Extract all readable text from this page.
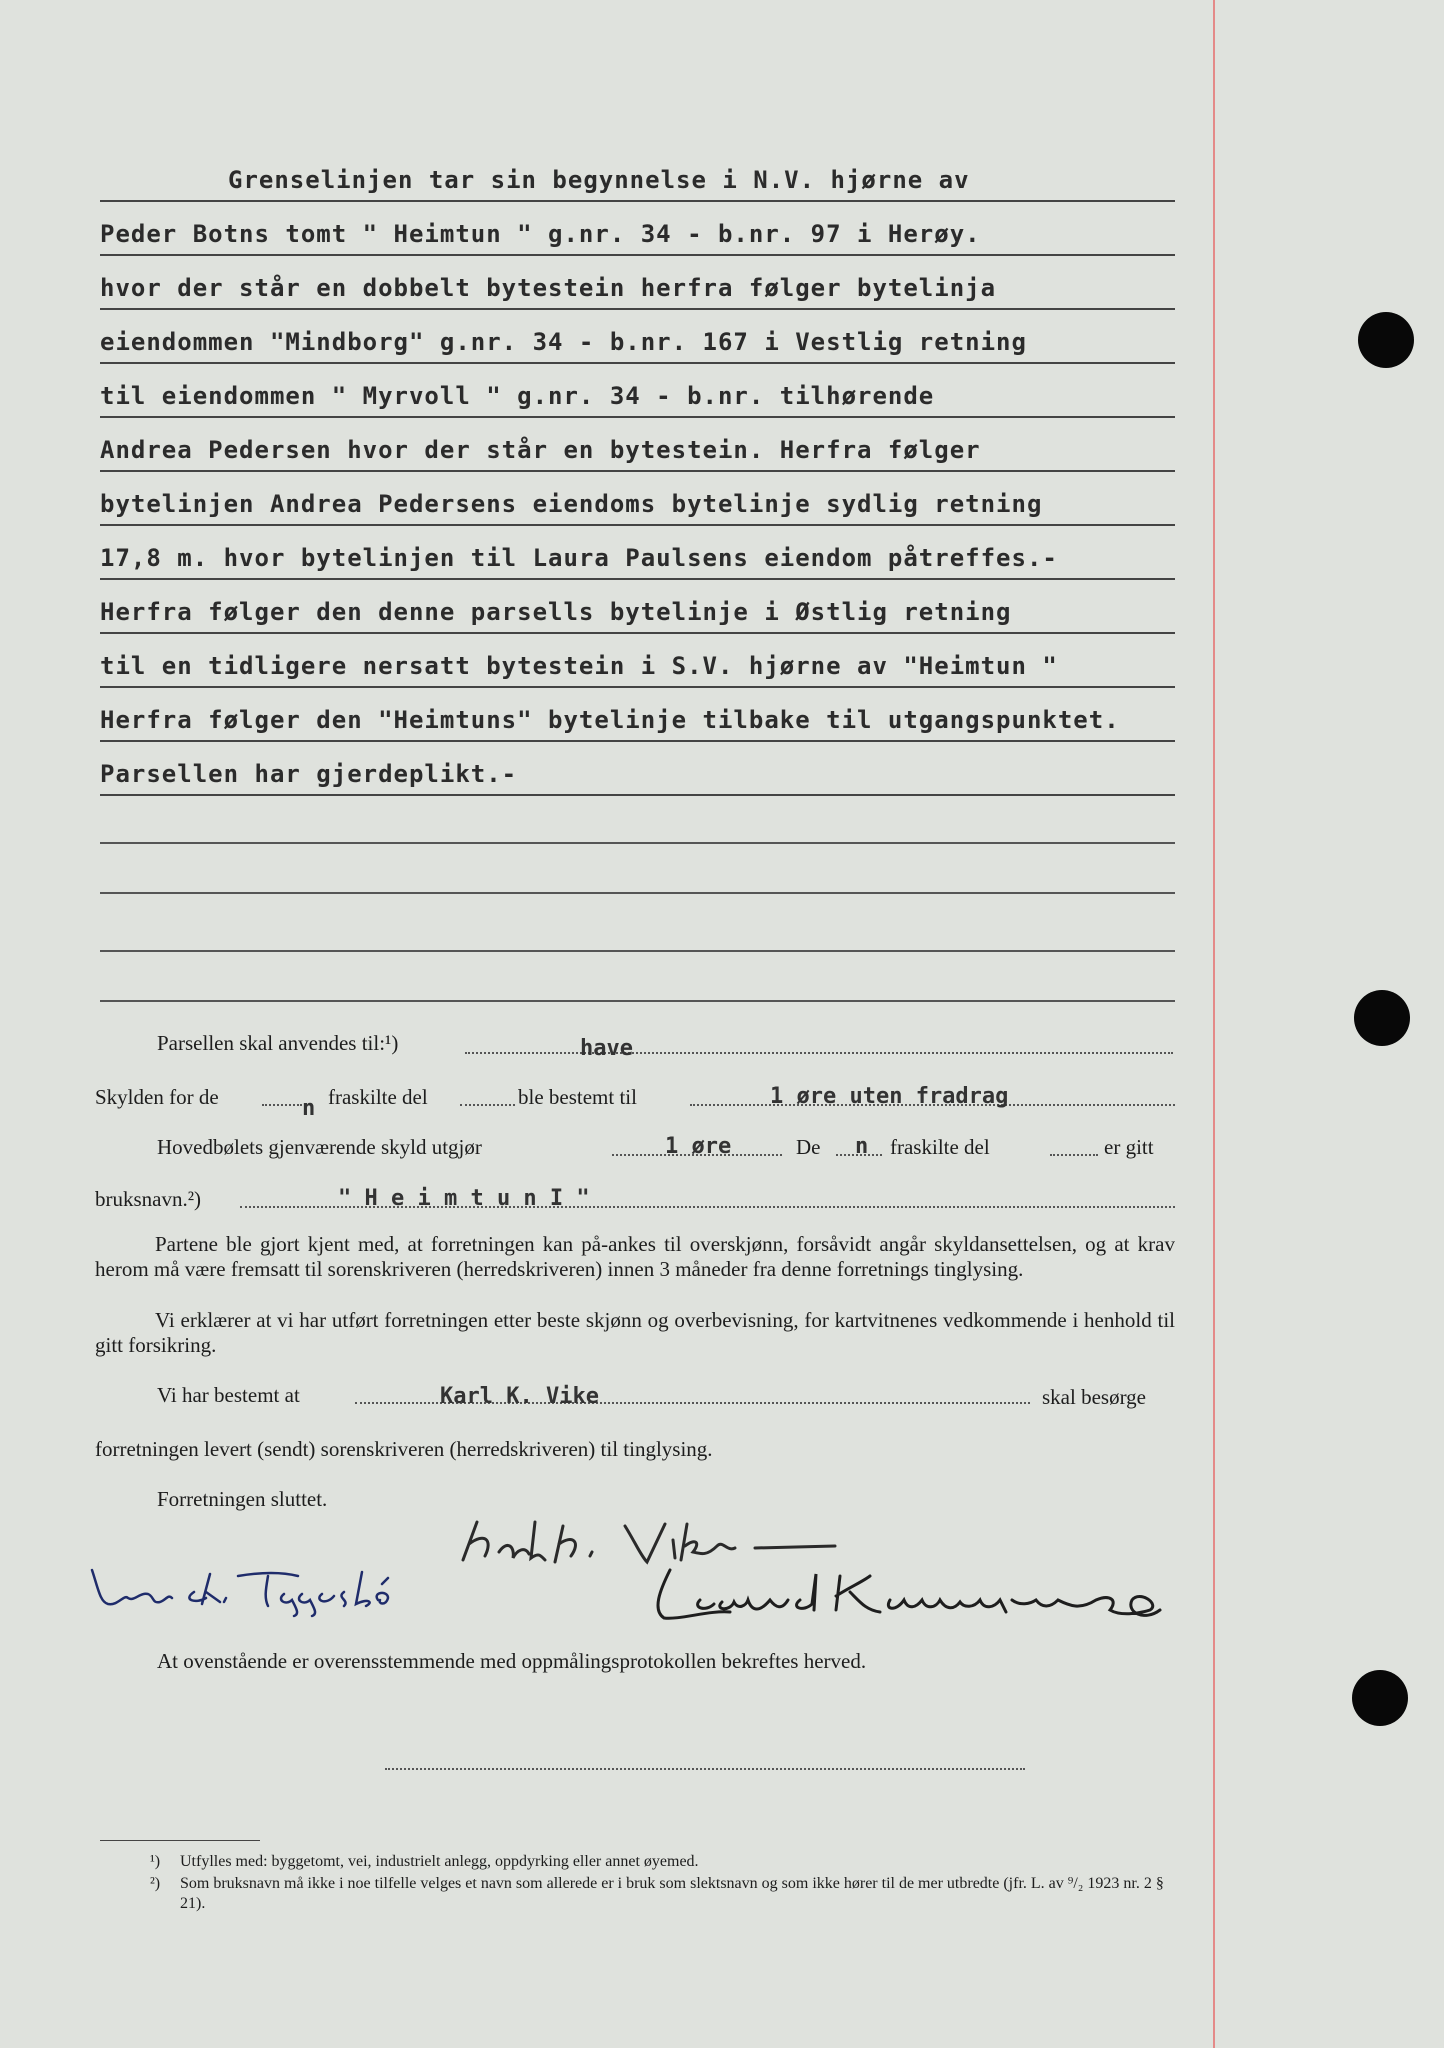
Grenselinjen tar sin begynnelse i N.V. hjørne av
Peder Botns tomt " Heimtun " g.nr. 34 - b.nr. 97 i Herøy.
hvor der står en dobbelt bytestein herfra følger bytelinja
eiendommen "Mindborg" g.nr. 34 - b.nr. 167 i Vestlig retning
til eiendommen " Myrvoll " g.nr. 34 - b.nr. tilhørende
Andrea Pedersen hvor der står en bytestein. Herfra følger
bytelinjen Andrea Pedersens eiendoms bytelinje sydlig retning
17,8 m. hvor bytelinjen til Laura Paulsens eiendom påtreffes.-
Herfra følger den denne parsells bytelinje i Østlig retning
til en tidligere nersatt bytestein i S.V. hjørne av "Heimtun "
Herfra følger den "Heimtuns" bytelinje tilbake til utgangspunktet.
Parsellen har gjerdeplikt.-
Parsellen skal anvendes til:¹)	have
Skylden for de	n fraskilte del	ble bestemt til	1 øre uten fradrag
Hovedbølets gjenværende skyld utgjør	1 øre	De n fraskilte del	er gitt
bruksnavn.²)	" H e i m t u n I "
Partene ble gjort kjent med, at forretningen kan på-ankes til overskjønn, forsåvidt angår skyldansettelsen, og at krav herom må være fremsatt til sorenskriveren (herredskriveren) innen 3 måneder fra denne forretnings tinglysing.
Vi erklærer at vi har utført forretningen etter beste skjønn og overbevisning, for kartvitnenes vedkommende i henhold til gitt forsikring.
Vi har bestemt at	Karl K. Vike	skal besørge
forretningen levert (sendt) sorenskriveren (herredskriveren) til tinglysing.
Forretningen sluttet.
At ovenstående er overensstemmende med oppmålingsprotokollen bekreftes herved.
¹) Utfylles med: byggetomt, vei, industrielt anlegg, oppdyrking eller annet øyemed.
²)	Som bruksnavn må ikke i noe tilfelle velges et navn som allerede er i bruk som slektsnavn og som ikke hører til de mer utbredte (jfr. L. av ⁹/₂ 1923 nr. 2 § 21).
